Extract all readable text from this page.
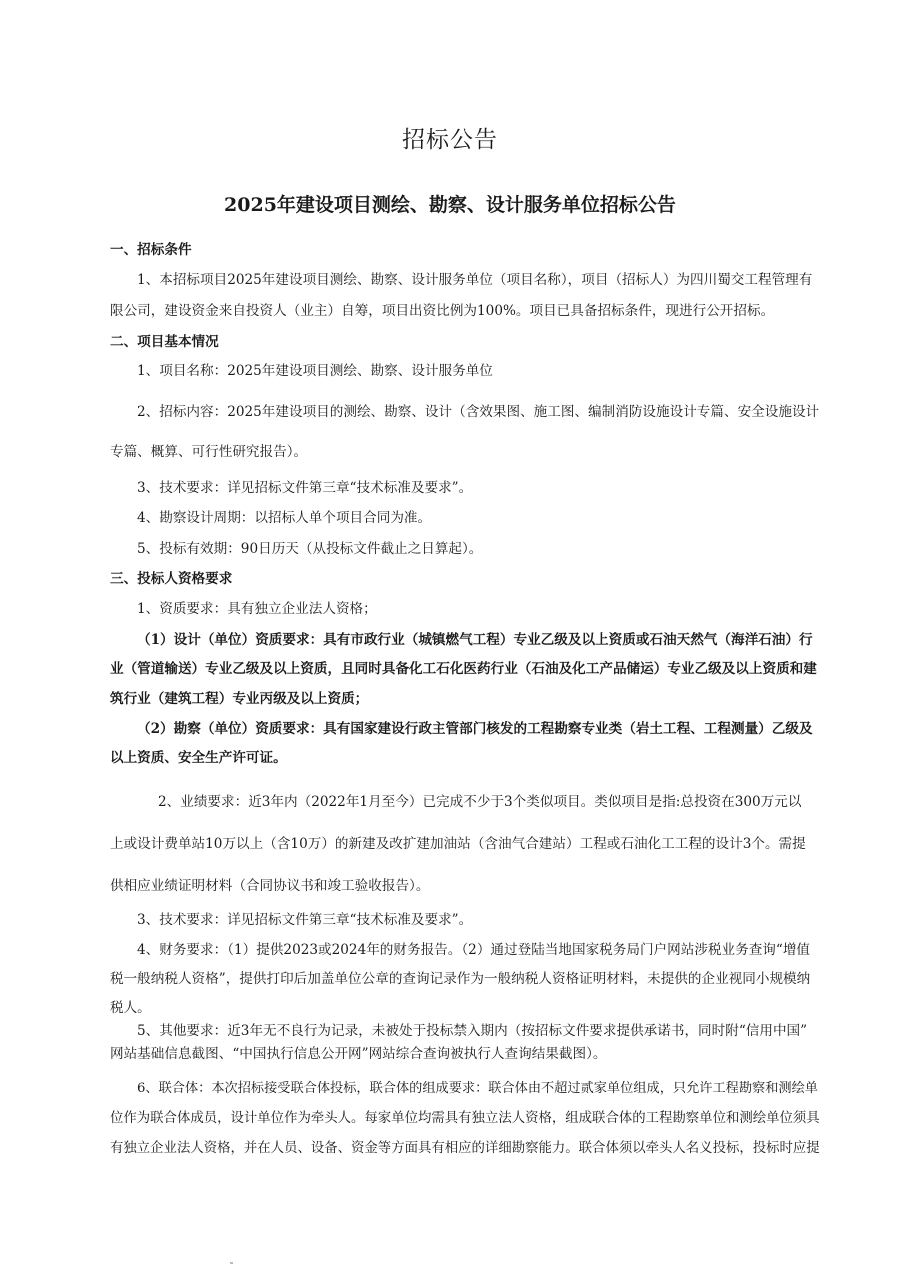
招标公告
2025年建设项目测绘、勘察、设计服务单位招标公告

一、招标条件

1、本招标项目2025年建设项目测绘、勘察、设计服务单位（项目名称），项目（招标人）为四川蜀交工程管理有

限公司，建设资金来自投资人（业主）自筹，项目出资比例为100%。项目已具备招标条件，现进行公开招标。

二、项目基本情况

1、项目名称：2025年建设项目测绘、勘察、设计服务单位

2、招标内容：2025年建设项目的测绘、勘察、设计（含效果图、施工图、编制消防设施设计专篇、安全设施设计

专篇、概算、可行性研究报告）。

3、技术要求：详见招标文件第三章“技术标准及要求”。

4、勘察设计周期：以招标人单个项目合同为准。

5、投标有效期：90日历天（从投标文件截止之日算起）。

三、投标人资格要求

1、资质要求：具有独立企业法人资格；

（1）设计（单位）资质要求：具有市政行业（城镇燃气工程）专业乙级及以上资质或石油天然气（海洋石油）行

业（管道输送）专业乙级及以上资质，且同时具备化工石化医药行业（石油及化工产品储运）专业乙级及以上资质和建

筑行业（建筑工程）专业丙级及以上资质；

（2）勘察（单位）资质要求：具有国家建设行政主管部门核发的工程勘察专业类（岩土工程、工程测量）乙级及

以上资质、安全生产许可证。

2、业绩要求：近3年内（2022年1月至今）已完成不少于3个类似项目。类似项目是指:总投资在300万元以

上或设计费单站10万以上（含10万）的新建及改扩建加油站（含油气合建站）工程或石油化工工程的设计3个。需提

供相应业绩证明材料（合同协议书和竣工验收报告）。

3、技术要求：详见招标文件第三章“技术标准及要求”。

4、财务要求：（1）提供2023或2024年的财务报告。（2）通过登陆当地国家税务局门户网站涉税业务查询“增值

税一般纳税人资格”，提供打印后加盖单位公章的查询记录作为一般纳税人资格证明材料，未提供的企业视同小规模纳

税人。

5、其他要求：近3年无不良行为记录，未被处于投标禁入期内（按招标文件要求提供承诺书，同时附“信用中国”

网站基础信息截图、“中国执行信息公开网”网站综合查询被执行人查询结果截图）。

6、联合体：本次招标接受联合体投标，联合体的组成要求：联合体由不超过贰家单位组成，只允许工程勘察和测绘单

位作为联合体成员，设计单位作为牵头人。每家单位均需具有独立法人资格，组成联合体的工程勘察单位和测绘单位须具

有独立企业法人资格，并在人员、设备、资金等方面具有相应的详细勘察能力。联合体须以牵头人名义投标，投标时应提
